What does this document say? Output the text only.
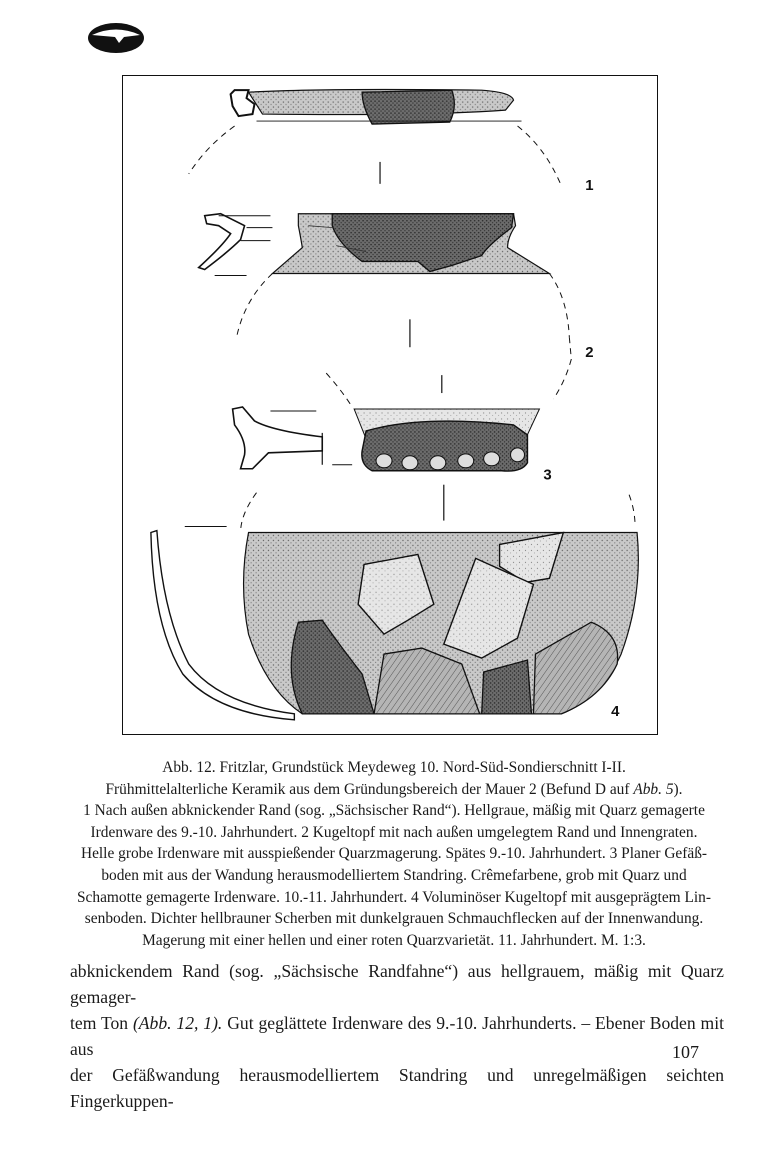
1
2
3
4
Abb. 12. Fritzlar, Grundstück Meydeweg 10. Nord-Süd-Sondierschnitt I-II.
Frühmittelalterliche Keramik aus dem Gründungsbereich der Mauer 2 (Befund D auf Abb. 5).
1 Nach außen abknickender Rand (sog. „Sächsischer Rand“). Hellgraue, mäßig mit Quarz gemagerte
Irdenware des 9.-10. Jahrhundert. 2 Kugeltopf mit nach außen umgelegtem Rand und Innengraten.
Helle grobe Irdenware mit ausspießender Quarzmagerung. Spätes 9.-10. Jahrhundert. 3 Planer Gefäß-
boden mit aus der Wandung herausmodelliertem Standring. Crêmefarbene, grob mit Quarz und
Schamotte gemagerte Irdenware. 10.-11. Jahrhundert. 4 Voluminöser Kugeltopf mit ausgeprägtem Lin-
senboden. Dichter hellbrauner Scherben mit dunkelgrauen Schmauchflecken auf der Innenwandung.
Magerung mit einer hellen und einer roten Quarzvarietät. 11. Jahrhundert. M. 1:3.
abknickendem Rand (sog. „Sächsische Randfahne“) aus hellgrauem, mäßig mit Quarz gemager-
tem Ton (Abb. 12, 1). Gut geglättete Irdenware des 9.-10. Jahrhunderts. – Ebener Boden mit aus
der Gefäßwandung herausmodelliertem Standring und unregelmäßigen seichten Fingerkuppen-
107
